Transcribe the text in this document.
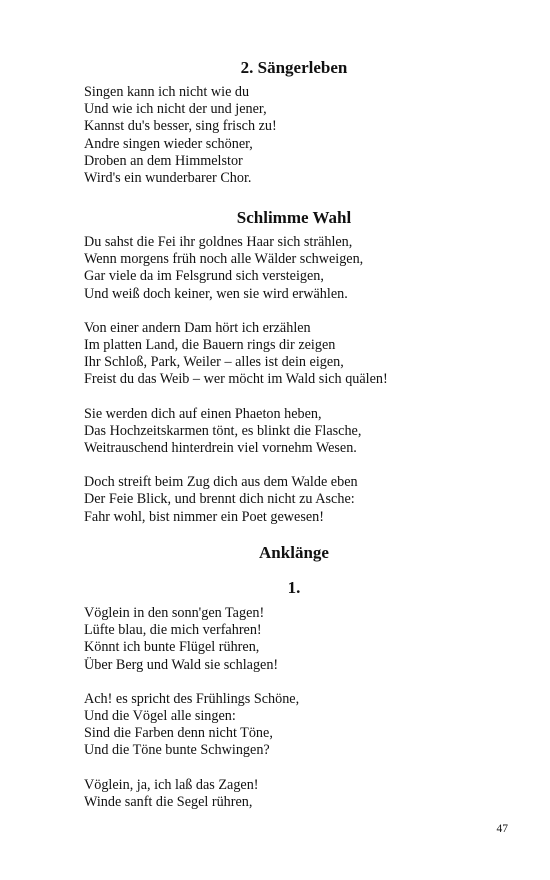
2. Sängerleben
Singen kann ich nicht wie du
Und wie ich nicht der und jener,
Kannst du's besser, sing frisch zu!
Andre singen wieder schöner,
Droben an dem Himmelstor
Wird's ein wunderbarer Chor.
Schlimme Wahl
Du sahst die Fei ihr goldnes Haar sich strählen,
Wenn morgens früh noch alle Wälder schweigen,
Gar viele da im Felsgrund sich versteigen,
Und weiß doch keiner, wen sie wird erwählen.
Von einer andern Dam hört ich erzählen
Im platten Land, die Bauern rings dir zeigen
Ihr Schloß, Park, Weiler – alles ist dein eigen,
Freist du das Weib – wer möcht im Wald sich quälen!
Sie werden dich auf einen Phaeton heben,
Das Hochzeitskarmen tönt, es blinkt die Flasche,
Weitrauschend hinterdrein viel vornehm Wesen.
Doch streift beim Zug dich aus dem Walde eben
Der Feie Blick, und brennt dich nicht zu Asche:
Fahr wohl, bist nimmer ein Poet gewesen!
Anklänge
1.
Vöglein in den sonn'gen Tagen!
Lüfte blau, die mich verfahren!
Könnt ich bunte Flügel rühren,
Über Berg und Wald sie schlagen!
Ach! es spricht des Frühlings Schöne,
Und die Vögel alle singen:
Sind die Farben denn nicht Töne,
Und die Töne bunte Schwingen?
Vöglein, ja, ich laß das Zagen!
Winde sanft die Segel rühren,
47
